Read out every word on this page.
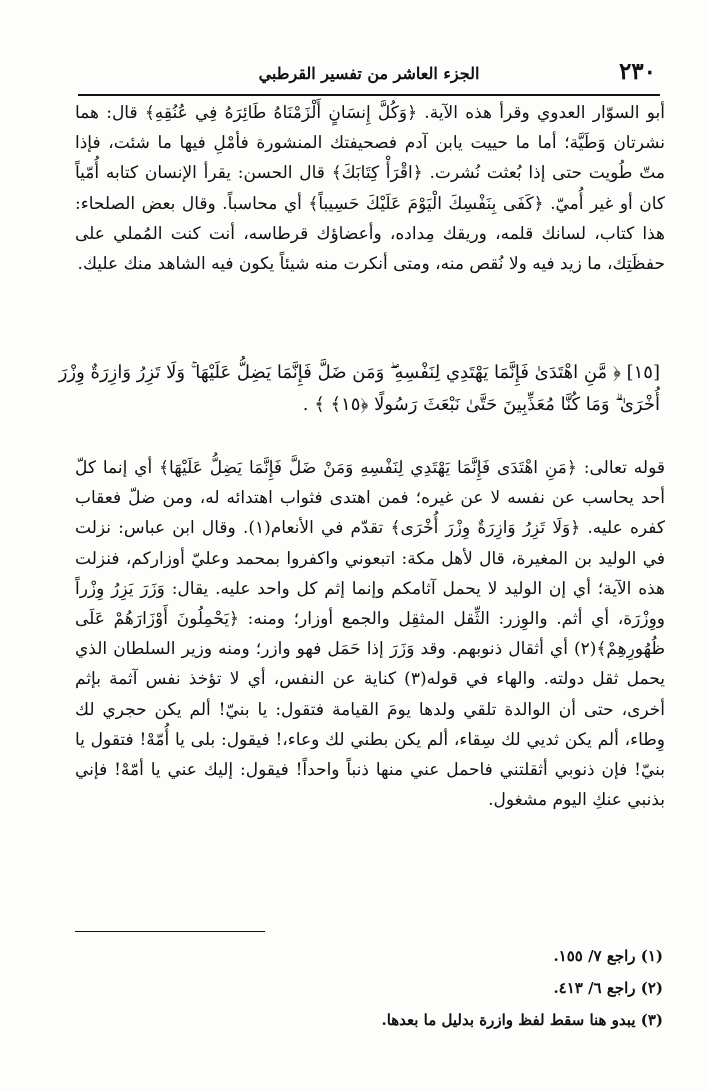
٢٣٠
الجزء العاشر من تفسير القرطبي

أبو السوّار العدوي وقرأ هذه الآية. ﴿وَكُلَّ إِنسَانٍ أَلْزَمْنَاهُ طَائِرَهُ فِي عُنُقِهِ﴾ قال: هما نشرتان وَطَيَّة؛ أما ما حييت يابن آدم فصحيفتك المنشورة فأمْلِ فيها ما شئت، فإذا متّ طُويت حتى إذا بُعثت نُشرت. ﴿اقْرَأْ كِتَابَكَ﴾ قال الحسن: يقرأ الإنسان كتابه أُمّياً كان أو غير أُميّ. ﴿كَفَى بِنَفْسِكَ الْيَوْمَ عَلَيْكَ حَسِيباً﴾ أي محاسباً. وقال بعض الصلحاء: هذا كتاب، لسانك قلمه، وريقك مِداده، وأعضاؤك قرطاسه، أنت كنت المُملي على حفظَتِك، ما زيد فيه ولا نُقص منه، ومتى أنكرت منه شيئاً يكون فيه الشاهد منك عليك.

[١٥] ﴿ مَّنِ اهْتَدَىٰ فَإِنَّمَا يَهْتَدِي لِنَفْسِهِ ۖ وَمَن ضَلَّ فَإِنَّمَا يَضِلُّ عَلَيْهَا ۚ وَلَا تَزِرُ وَازِرَةٌ وِزْرَ

أُخْرَىٰ ۗ وَمَا كُنَّا مُعَذِّبِينَ حَتَّىٰ نَبْعَثَ رَسُولًا ﴿١٥﴾ ﴾ .

قوله تعالى: ﴿مَنِ اهْتَدَى فَإِنَّمَا يَهْتَدِي لِنَفْسِهِ وَمَنْ ضَلَّ فَإِنَّمَا يَضِلُّ عَلَيْهَا﴾ أي إنما كلّ أحد يحاسب عن نفسه لا عن غيره؛ فمن اهتدى فثواب اهتدائه له، ومن ضلّ فعقاب كفره عليه. ﴿وَلَا تَزِرُ وَازِرَةٌ وِزْرَ أُخْرَى﴾ تقدّم في الأنعام(١). وقال ابن عباس: نزلت في الوليد بن المغيرة، قال لأهل مكة: اتبعوني واكفروا بمحمد وعليّ أوزاركم، فنزلت هذه الآية؛ أي إن الوليد لا يحمل آثامكم وإنما إثم كل واحد عليه. يقال: وَزَرَ يَزِرُ وِزْراً ووِزْرَة، أي أثم. والوِزر: الثِّقل المثقِل والجمع أوزار؛ ومنه: ﴿يَحْمِلُونَ أَوْزَارَهُمْ عَلَى ظُهُورِهِمْ﴾(٢) أي أثقال ذنوبهم. وقد وَزَرَ إذا حَمَل فهو وازر؛ ومنه وزير السلطان الذي يحمل ثقل دولته. والهاء في قوله(٣) كناية عن النفس، أي لا تؤخذ نفس آثمة بإثم أخرى، حتى أن الوالدة تلقي ولدها يومَ القيامة فتقول: يا بنيّ! ألم يكن حجري لك وِطاء، ألم يكن ثديي لك سِقاء، ألم يكن بطني لك وعاء،! فيقول: بلى يا أُمّهْ! فتقول يا بنيّ! فإن ذنوبي أثقلتني فاحمل عني منها ذنباً واحداً! فيقول: إليك عني يا أمّهْ! فإني بذنبي عنكِ اليوم مشغول.

(١) راجع ٧/ ١٥٥.

(٢) راجع ٦/ ٤١٣.

(٣) يبدو هنا سقط لفظ وازرة بدليل ما بعدها.
